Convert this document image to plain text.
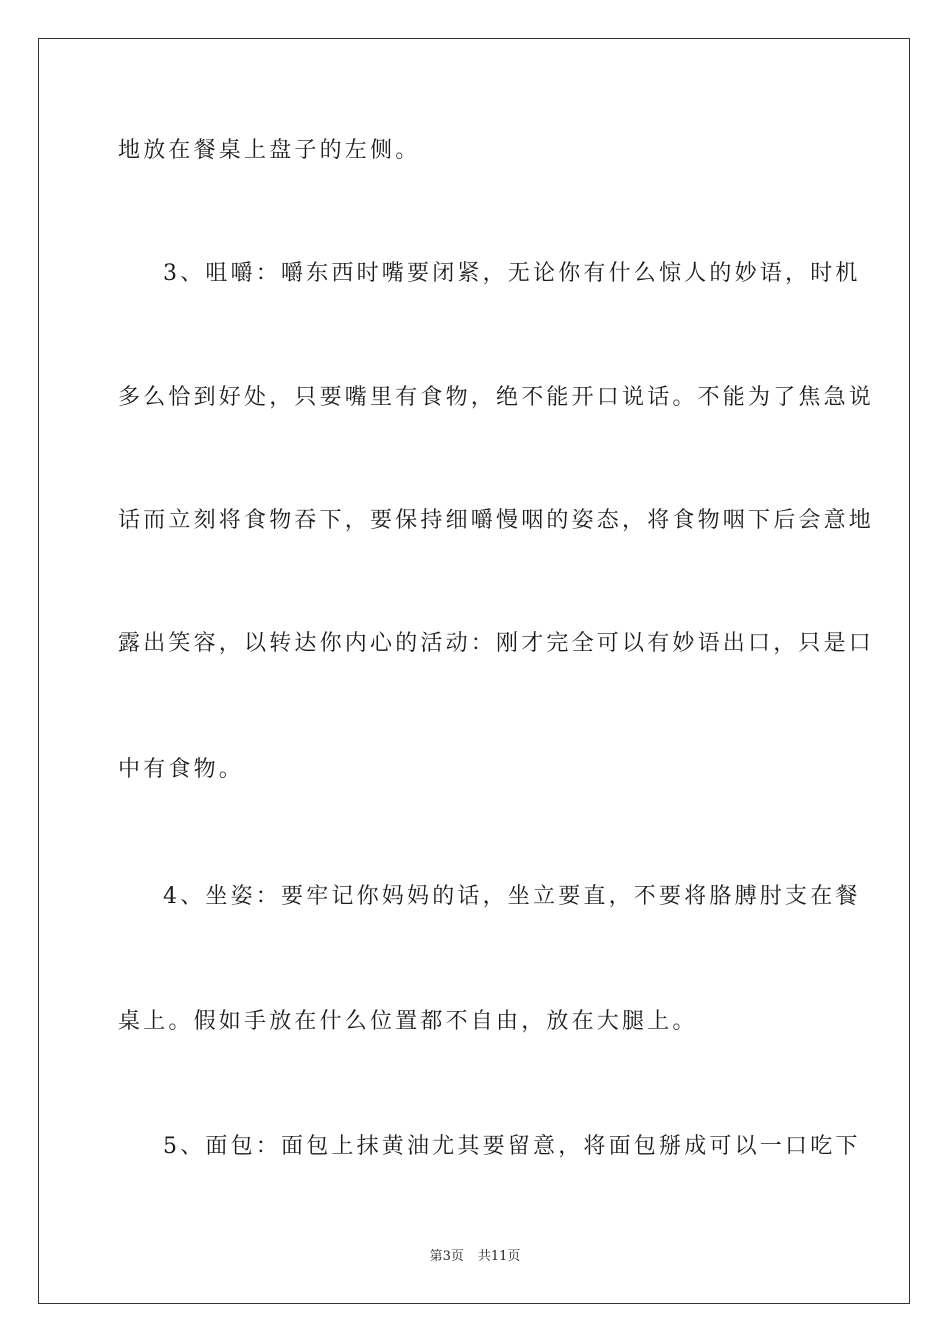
地放在餐桌上盘子的左侧。
3、咀嚼：嚼东西时嘴要闭紧，无论你有什么惊人的妙语，时机
多么恰到好处，只要嘴里有食物，绝不能开口说话。不能为了焦急说
话而立刻将食物吞下，要保持细嚼慢咽的姿态，将食物咽下后会意地
露出笑容，以转达你内心的活动：刚才完全可以有妙语出口，只是口
中有食物。
4、坐姿：要牢记你妈妈的话，坐立要直，不要将胳膊肘支在餐
桌上。假如手放在什么位置都不自由，放在大腿上。
5、面包：面包上抹黄油尤其要留意，将面包掰成可以一口吃下
第3页 共11页
